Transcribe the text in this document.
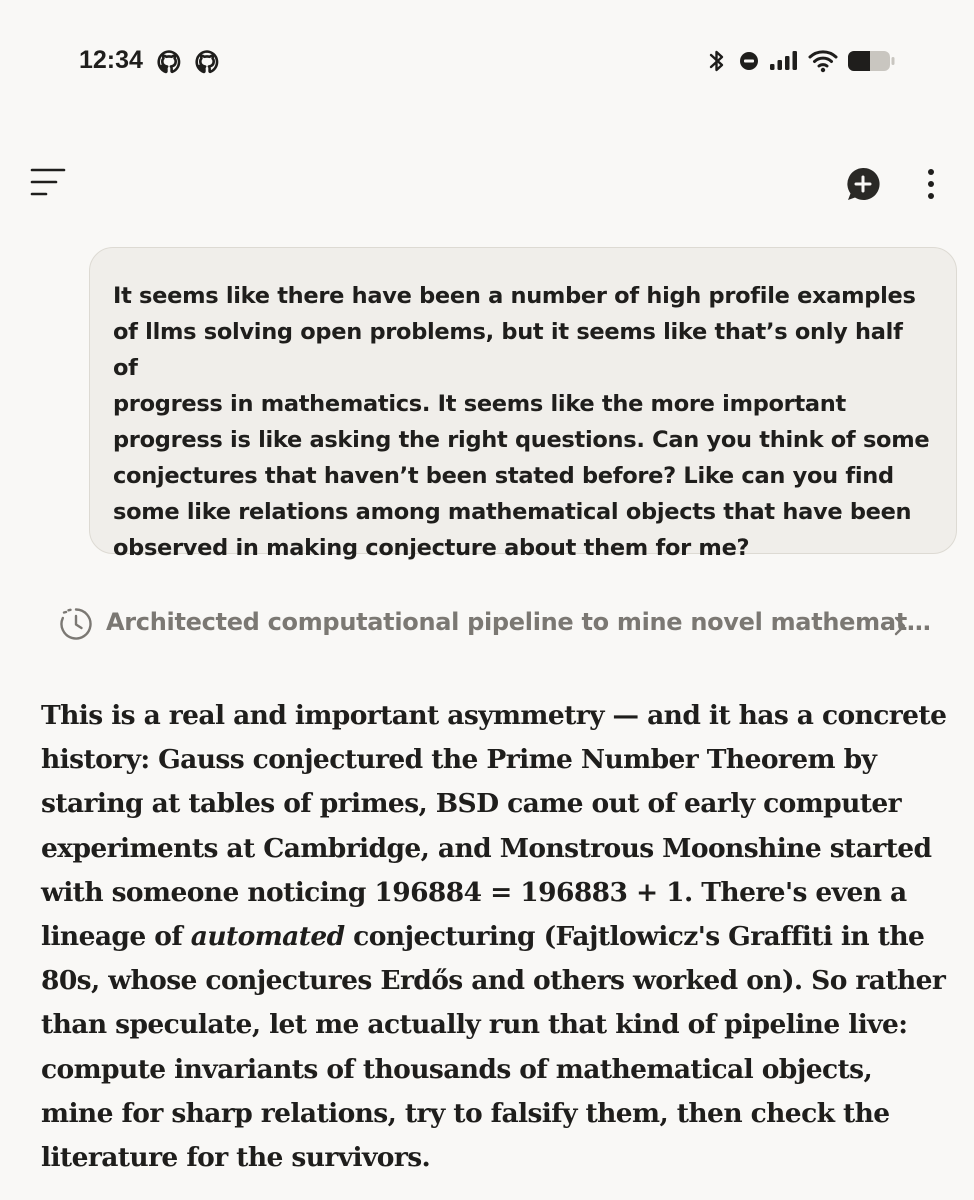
12:34

It seems like there have been a number of high profile examples
of llms solving open problems, but it seems like that’s only half of
progress in mathematics. It seems like the more important
progress is like asking the right questions. Can you think of some
conjectures that haven’t been stated before? Like can you find
some like relations among mathematical objects that have been
observed in making conjecture about them for me?

Architected computational pipeline to mine novel mathemat…
This is a real and important asymmetry — and it has a concrete
history: Gauss conjectured the Prime Number Theorem by
staring at tables of primes, BSD came out of early computer
experiments at Cambridge, and Monstrous Moonshine started
with someone noticing 196884 = 196883 + 1. There's even a
lineage of automated conjecturing (Fajtlowicz's Graffiti in the
80s, whose conjectures Erdős and others worked on). So rather
than speculate, let me actually run that kind of pipeline live:
compute invariants of thousands of mathematical objects,
mine for sharp relations, try to falsify them, then check the
literature for the survivors.
